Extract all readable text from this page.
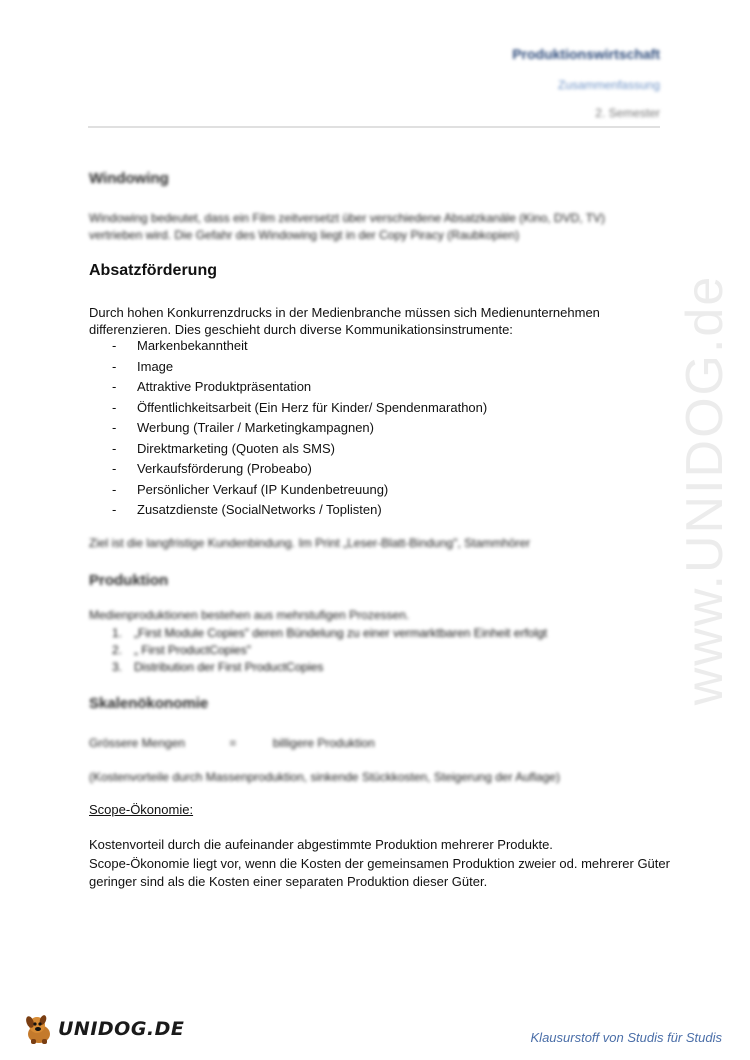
Produktionswirtschaft
Zusammenfassung
2. Semester
Windowing
Windowing bedeutet, dass ein Film zeitversetzt über verschiedene Absatzkanäle (Kino, DVD, TV) vertrieben wird. Die Gefahr des Windowing liegt in der Copy Piracy (Raubkopien)
Absatzförderung
Durch hohen Konkurrenzdrucks in der Medienbranche müssen sich Medienunternehmen differenzieren. Dies geschieht durch diverse Kommunikationsinstrumente:
- Markenbekanntheit
- Image
- Attraktive Produktpräsentation
- Öffentlichkeitsarbeit (Ein Herz für Kinder/ Spendenmarathon)
- Werbung (Trailer / Marketingkampagnen)
- Direktmarketing (Quoten als SMS)
- Verkaufsförderung (Probeabo)
- Persönlicher Verkauf (IP Kundenbetreuung)
- Zusatzdienste (SocialNetworks / Toplisten)
Ziel ist die langfristige Kundenbindung. Im Print „Leser-Blatt-Bindung", Stammhörer
Produktion
Medienproduktionen bestehen aus mehrstufigen Prozessen.
1. „First Module Copies" deren Bündelung zu einer vermarktbaren Einheit erfolgt
2. „ First ProductCopies"
3. Distribution der First ProductCopies
Skalenökonomie
Grössere Mengen	=	billigere Produktion
(Kostenvorteile durch Massenproduktion, sinkende Stückkosten, Steigerung der Auflage)
Scope-Ökonomie:
Kostenvorteil durch die aufeinander abgestimmte Produktion mehrerer Produkte.
Scope-Ökonomie liegt vor, wenn die Kosten der gemeinsamen Produktion zweier od. mehrerer Güter geringer sind als die Kosten einer separaten Produktion dieser Güter.
www.UNIDOG.de
UNIDOG.DE	Klausurstoff von Studis für Studis
